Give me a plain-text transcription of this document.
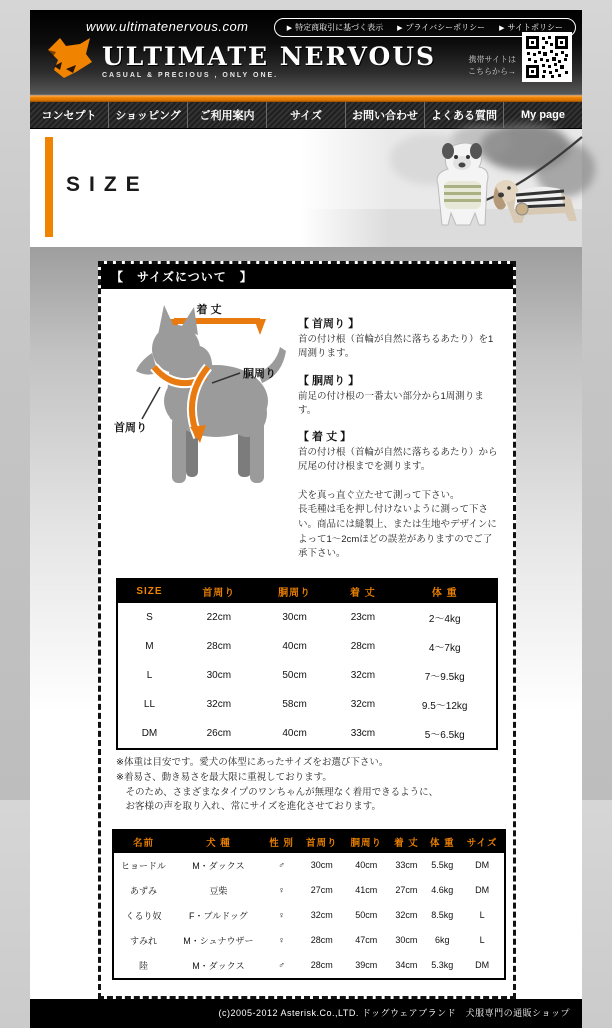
www.ultimatenervous.com	▶ 特定商取引に基づく表示 ▶ プライバシーポリシー ▶ サイトポリシー
ULTIMATE NERVOUS
CASUAL & PRECIOUS , ONLY ONE.
携帯サイトは
こちらから→
コンセプト	ショッピング	ご利用案内	サイズ	お問い合わせ	よくある質問	My page
SIZE
【　サイズについて　】
着 丈
胴周り
首周り
【 首周り 】
首の付け根（首輪が自然に落ちるあたり）を1周測ります。
【 胴周り 】
前足の付け根の一番太い部分から1周測ります。
【 着 丈 】
首の付け根（首輪が自然に落ちるあたり）から尻尾の付け根までを測ります。
犬を真っ直ぐ立たせて測って下さい。
長毛種は毛を押し付けないように測って下さい。商品には縫製上、または生地やデザインによって1～2cmほどの誤差がありますのでご了承下さい。
SIZE	首周り	胴周り	着 丈	体 重
S	22cm	30cm	23cm	2～4kg
M	28cm	40cm	28cm	4～7kg
L	30cm	50cm	32cm	7～9.5kg
LL	32cm	58cm	32cm	9.5～12kg
DM	26cm	40cm	33cm	5～6.5kg
※体重は目安です。愛犬の体型にあったサイズをお選び下さい。
※着易さ、動き易さを最大限に重視しております。
　そのため、さまざまなタイプのワンちゃんが無理なく着用できるように、
　お客様の声を取り入れ、常にサイズを進化させております。
名前	犬 種	性 別	首周り	胴周り	着 丈	体 重	サイズ
ヒョードル	M・ダックス	♂	30cm	40cm	33cm	5.5kg	DM
あずみ	豆柴	♀	27cm	41cm	27cm	4.6kg	DM
くるり奴	F・ブルドッグ	♀	32cm	50cm	32cm	8.5kg	L
すみれ	M・シュナウザー	♀	28cm	47cm	30cm	6kg	L
陸	M・ダックス	♂	28cm	39cm	34cm	5.3kg	DM
(c)2005-2012 Asterisk.Co.,LTD. ドッグウェアブランド　犬服専門の通販ショップ
